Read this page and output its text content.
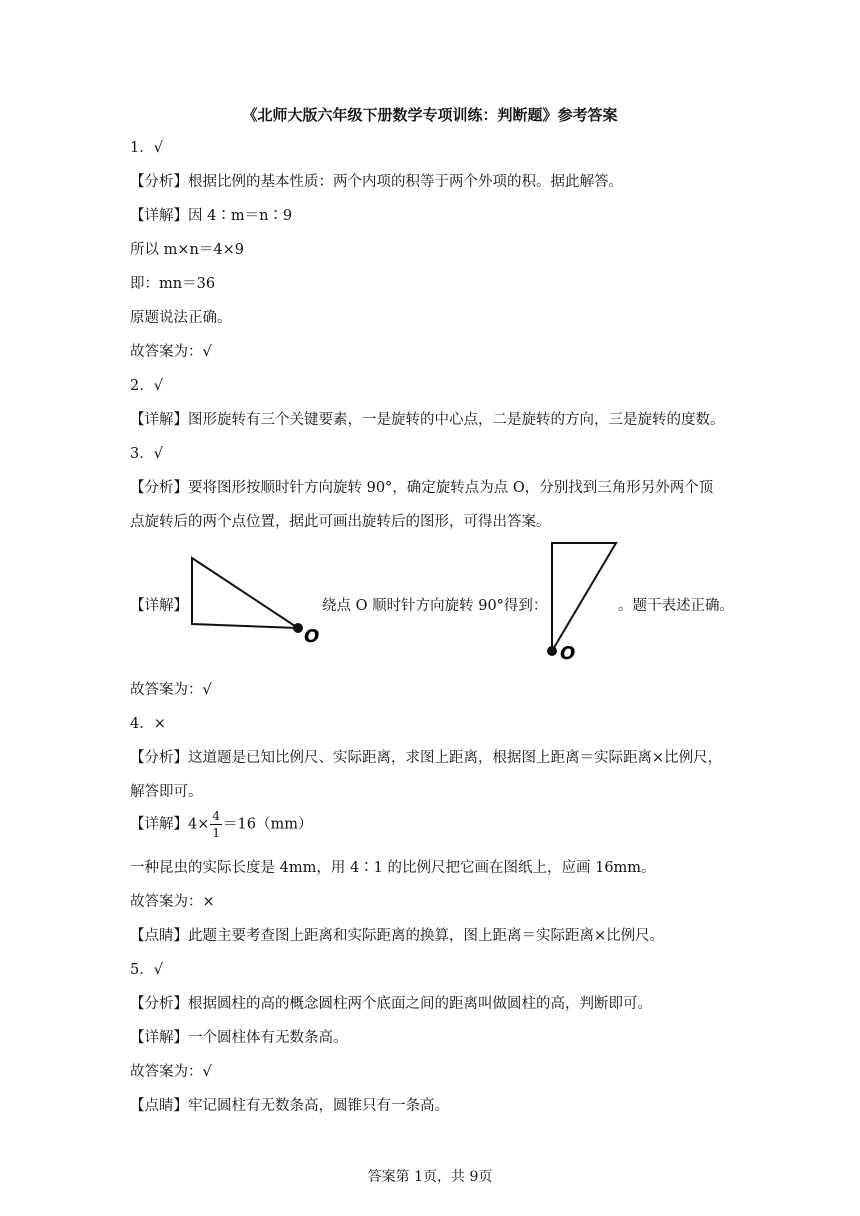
《北师大版六年级下册数学专项训练：判断题》参考答案
1．√
【分析】根据比例的基本性质：两个内项的积等于两个外项的积。据此解答。
【详解】因 4∶m＝n∶9
所以 m×n＝4×9
即：mn＝36
原题说法正确。
故答案为：√
2．√
【详解】图形旋转有三个关键要素，一是旋转的中心点，二是旋转的方向，三是旋转的度数。
3．√
【分析】要将图形按顺时针方向旋转 90°，确定旋转点为点 O，分别找到三角形另外两个顶
点旋转后的两个点位置，据此可画出旋转后的图形，可得出答案。
【详解】
O
绕点 O 顺时针方向旋转 90°得到：
O
。题干表述正确。
故答案为：√
4．×
【分析】这道题是已知比例尺、实际距离，求图上距离，根据图上距离＝实际距离×比例尺，
解答即可。
【详解】$4\times \frac{4}{1} =16(mm)$
一种昆虫的实际长度是 4mm，用 4∶1 的比例尺把它画在图纸上，应画 16mm。
故答案为：×
【点睛】此题主要考查图上距离和实际距离的换算，图上距离＝实际距离×比例尺。
5．√
【分析】根据圆柱的高的概念圆柱两个底面之间的距离叫做圆柱的高，判断即可。
【详解】一个圆柱体有无数条高。
故答案为：√
【点睛】牢记圆柱有无数条高，圆锥只有一条高。
答案第 1页，共 9页
